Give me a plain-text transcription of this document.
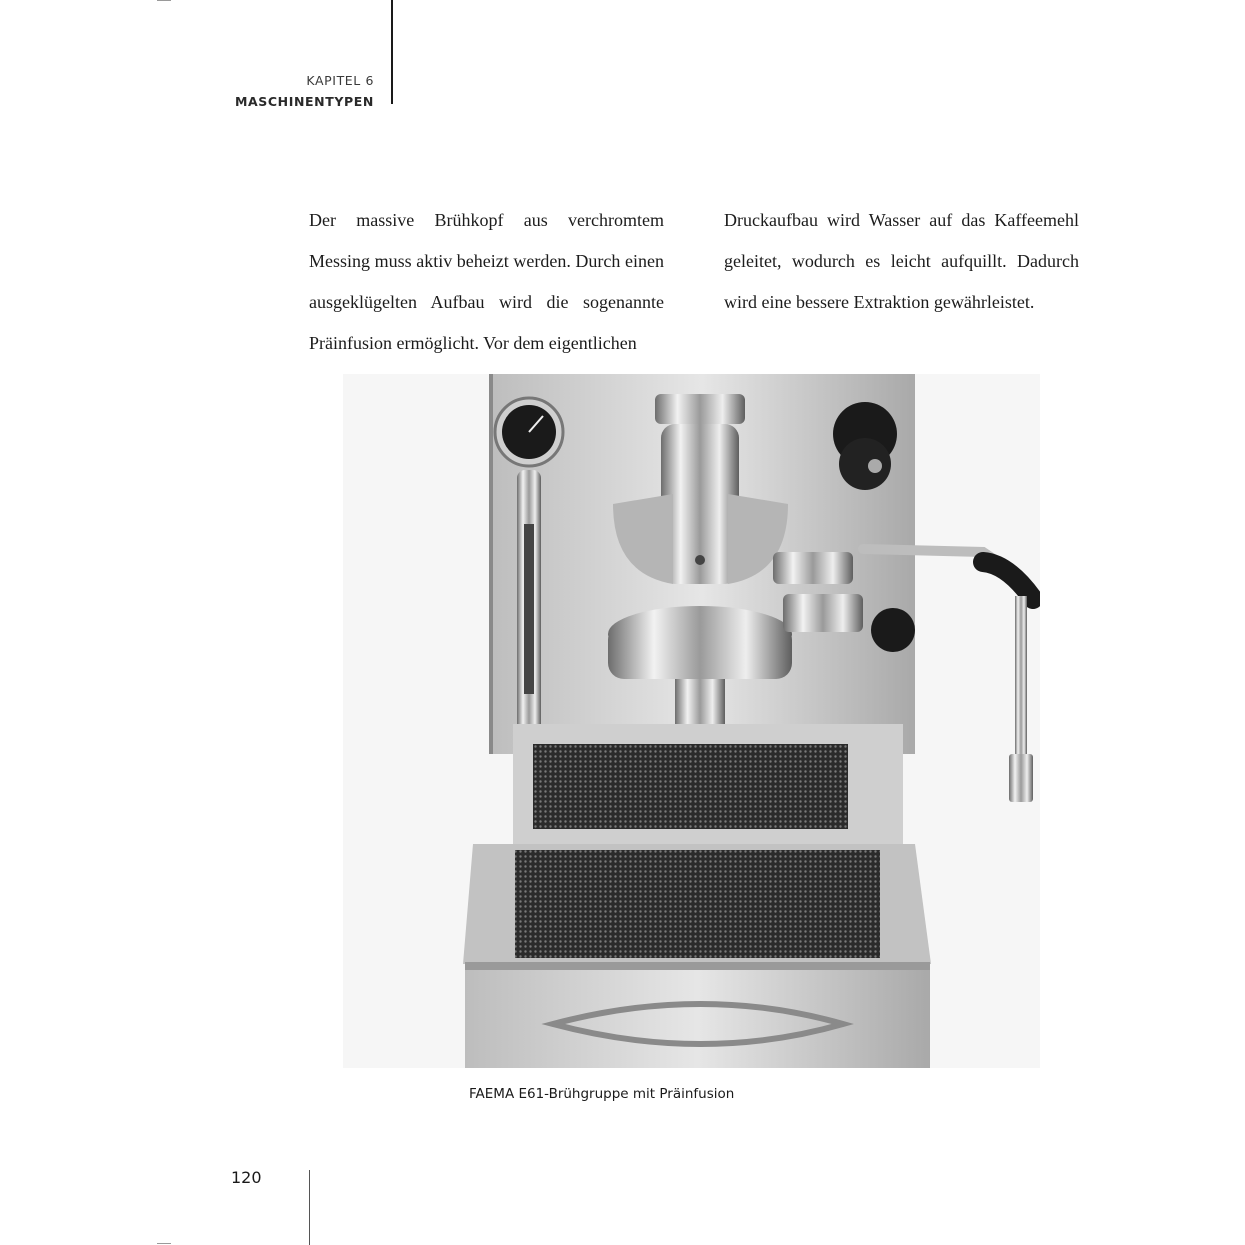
KAPITEL 6
MASCHINENTYPEN

Der massive Brühkopf aus verchromtem Messing muss aktiv beheizt werden. Durch einen ausgeklügelten Aufbau wird die sogenannte Präinfusion ermöglicht. Vor dem eigentlichen

Druckaufbau wird Wasser auf das Kaffeemehl geleitet, wodurch es leicht aufquillt. Dadurch wird eine bessere Extraktion gewährleistet.

FAEMA E61-Brühgruppe mit Präinfusion
120
